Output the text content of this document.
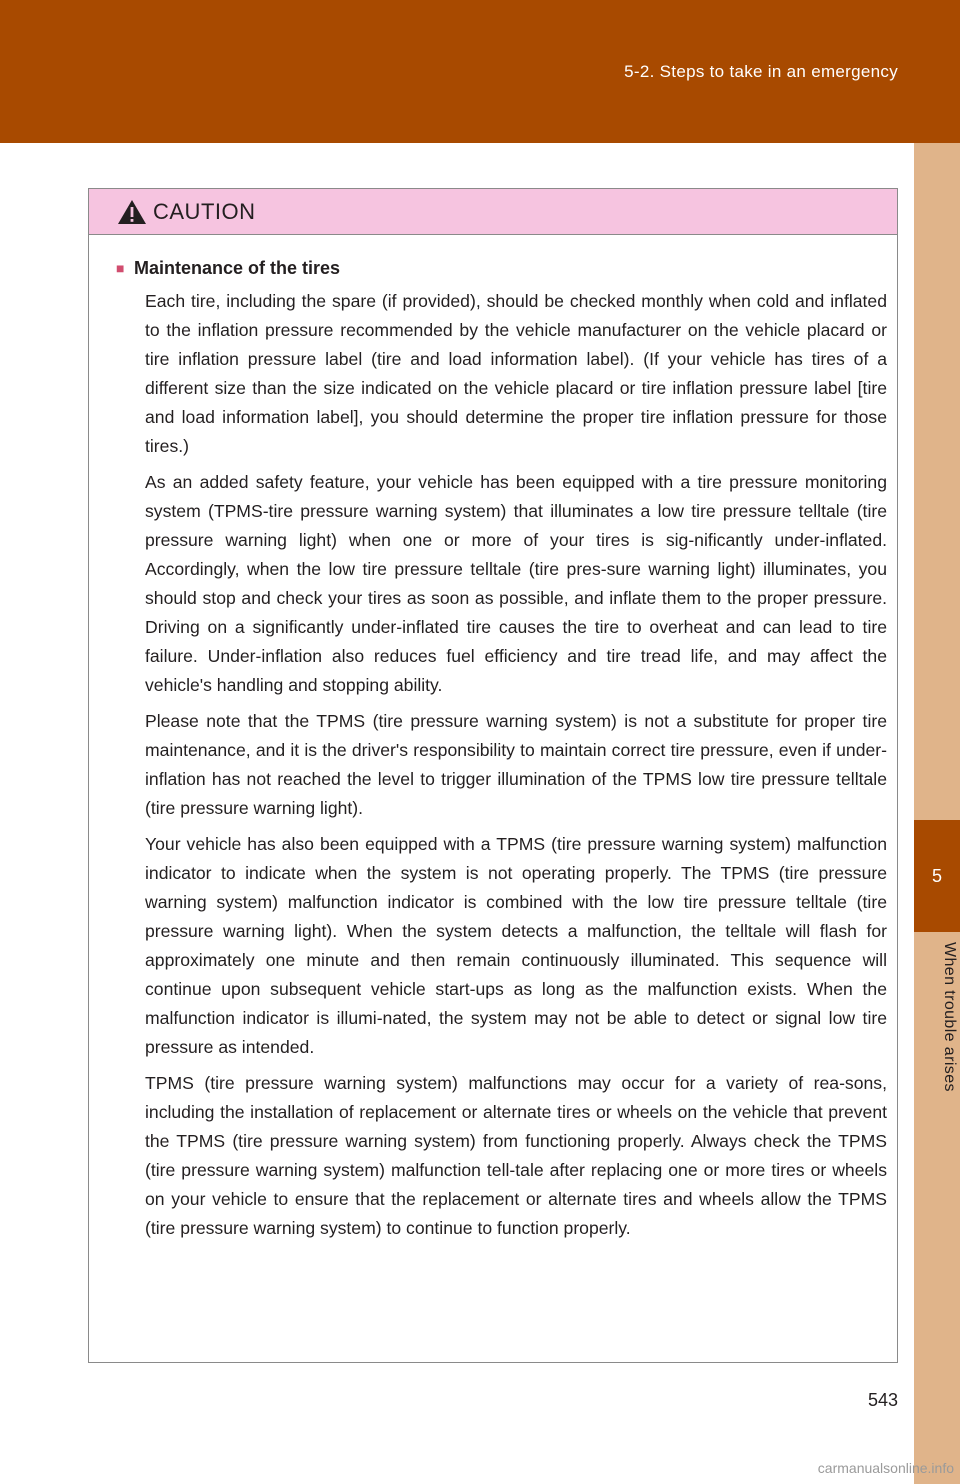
5-2. Steps to take in an emergency
5
When trouble arises
CAUTION
■ Maintenance of the tires

Each tire, including the spare (if provided), should be checked monthly when cold and inflated to the inflation pressure recommended by the vehicle manufacturer on the vehicle placard or tire inflation pressure label (tire and load information label). (If your vehicle has tires of a different size than the size indicated on the vehicle placard or tire inflation pressure label [tire and load information label], you should determine the proper tire inflation pressure for those tires.)

As an added safety feature, your vehicle has been equipped with a tire pressure monitoring system (TPMS-tire pressure warning system) that illuminates a low tire pressure telltale (tire pressure warning light) when one or more of your tires is sig-nificantly under-inflated. Accordingly, when the low tire pressure telltale (tire pres-sure warning light) illuminates, you should stop and check your tires as soon as possible, and inflate them to the proper pressure. Driving on a significantly under-inflated tire causes the tire to overheat and can lead to tire failure. Under-inflation also reduces fuel efficiency and tire tread life, and may affect the vehicle's handling and stopping ability.

Please note that the TPMS (tire pressure warning system) is not a substitute for proper tire maintenance, and it is the driver's responsibility to maintain correct tire pressure, even if under-inflation has not reached the level to trigger illumination of the TPMS low tire pressure telltale (tire pressure warning light).

Your vehicle has also been equipped with a TPMS (tire pressure warning system) malfunction indicator to indicate when the system is not operating properly. The TPMS (tire pressure warning system) malfunction indicator is combined with the low tire pressure telltale (tire pressure warning light). When the system detects a malfunction, the telltale will flash for approximately one minute and then remain continuously illuminated. This sequence will continue upon subsequent vehicle start-ups as long as the malfunction exists. When the malfunction indicator is illumi-nated, the system may not be able to detect or signal low tire pressure as intended.

TPMS (tire pressure warning system) malfunctions may occur for a variety of rea-sons, including the installation of replacement or alternate tires or wheels on the vehicle that prevent the TPMS (tire pressure warning system) from functioning properly. Always check the TPMS (tire pressure warning system) malfunction tell-tale after replacing one or more tires or wheels on your vehicle to ensure that the replacement or alternate tires and wheels allow the TPMS (tire pressure warning system) to continue to function properly.

543
carmanualsonline.info
